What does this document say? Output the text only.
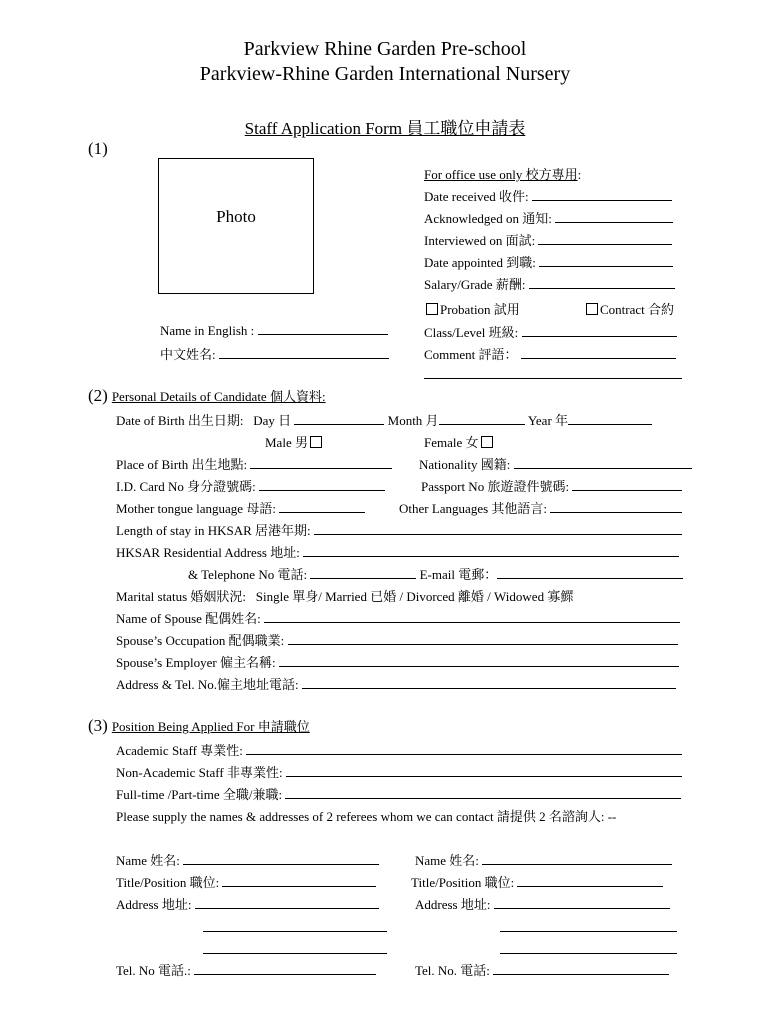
Parkview Rhine Garden Pre-school
Parkview-Rhine Garden International Nursery
Staff Application Form 員工職位申請表
(1)
Photo
Name in English :
中文姓名:
For office use only 校方專用:
Date received 收件:
Acknowledged on 通知:
Interviewed on 面試:
Date appointed 到職:
Salary/Grade 薪酬:
Probation 試用	Contract 合約
Class/Level 班級:
Comment 評語：
(2) Personal Details of Candidate 個人資料:
Date of Birth 出生日期: Day 日	Month 月	Year 年
Male 男	Female 女
Place of Birth 出生地點:	Nationality 國籍:
I.D. Card No 身分證號碼:	Passport No 旅遊證件號碼:
Mother tongue language 母語:	Other Languages 其他語言:
Length of stay in HKSAR 居港年期:
HKSAR Residential Address 地址:
& Telephone No 電話:	E-mail 電郵：
Marital status 婚姻狀況: Single 單身/ Married 已婚 / Divorced 離婚 / Widowed 寡鰥
Name of Spouse 配偶姓名:
Spouse’s Occupation 配偶職業:
Spouse’s Employer 僱主名稱:
Address & Tel. No.僱主地址電話:
(3) Position Being Applied For 申請職位
Academic Staff 專業性:
Non-Academic Staff 非專業性:
Full-time /Part-time 全職/兼職:
Please supply the names & addresses of 2 referees whom we can contact 請提供 2 名諮詢人: --
Name 姓名:
Title/Position 職位:
Address 地址:
Tel. No 電話.:
Name 姓名:
Title/Position 職位:
Address 地址:
Tel. No. 電話:
